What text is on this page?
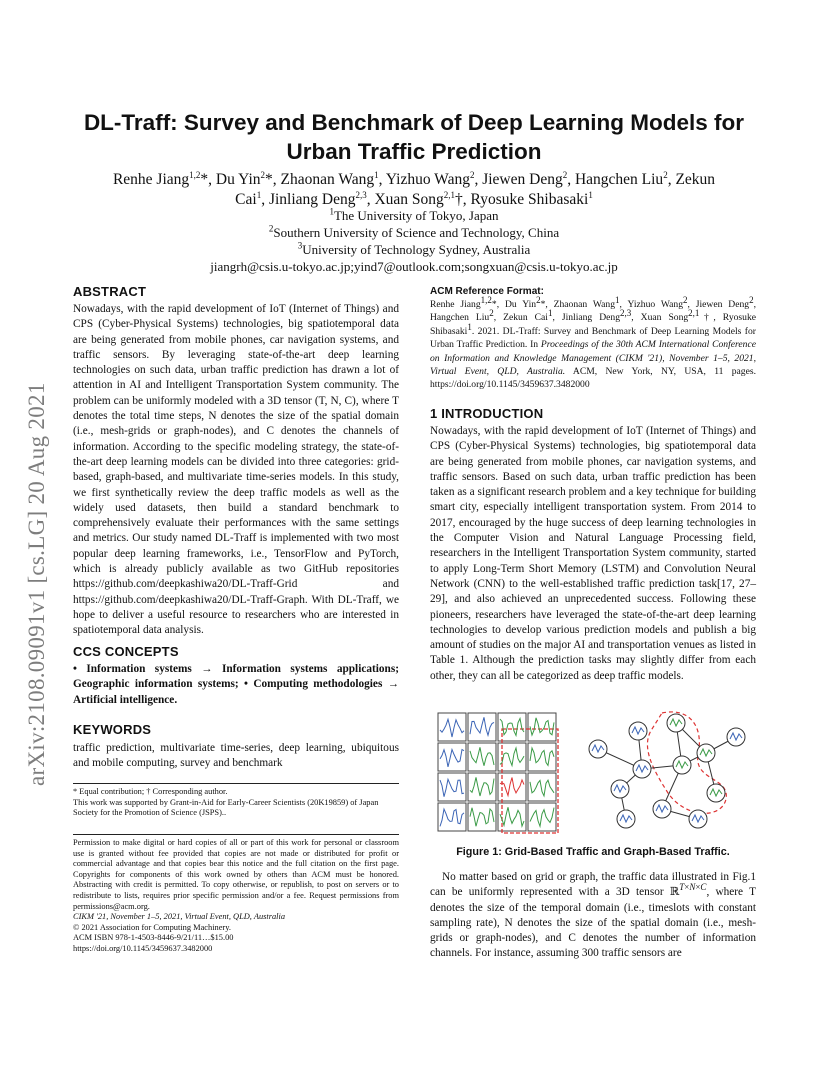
arXiv:2108.09091v1 [cs.LG] 20 Aug 2021
DL-Traff: Survey and Benchmark of Deep Learning Models for Urban Traffic Prediction
Renhe Jiang$^{1,2}$*, Du Yin$^2$*, Zhaonan Wang$^1$, Yizhuo Wang$^2$, Jiewen Deng$^2$, Hangchen Liu$^2$, Zekun
Cai$^1$, Jinliang Deng$^{2,3}$, Xuan Song$^{2,1}$†, Ryosuke Shibasaki$^1$
$^1$The University of Tokyo, Japan
$^2$Southern University of Science and Technology, China
$^3$University of Technology Sydney, Australia
jiangrh@csis.u-tokyo.ac.jp;yind7@outlook.com;songxuan@csis.u-tokyo.ac.jp
ABSTRACT

Nowadays, with the rapid development of IoT (Internet of Things) and CPS (Cyber-Physical Systems) technologies, big spatiotemporal data are being generated from mobile phones, car navigation systems, and traffic sensors. By leveraging state-of-the-art deep learning technologies on such data, urban traffic prediction has drawn a lot of attention in AI and Intelligent Transportation System community. The problem can be uniformly modeled with a 3D tensor (T, N, C), where T denotes the total time steps, N denotes the size of the spatial domain (i.e., mesh-grids or graph-nodes), and C denotes the channels of information. According to the specific modeling strategy, the state-of-the-art deep learning models can be divided into three categories: grid-based, graph-based, and multivariate time-series models. In this study, we first synthetically review the deep traffic models as well as the widely used datasets, then build a standard benchmark to comprehensively evaluate their performances with the same settings and metrics. Our study named DL-Traff is implemented with two most popular deep learning frameworks, i.e., TensorFlow and PyTorch, which is already publicly available as two GitHub repositories https://github.com/deepkashiwa20/DL-Traff-Grid and https://github.com/deepkashiwa20/DL-Traff-Graph. With DL-Traff, we hope to deliver a useful resource to researchers who are interested in spatiotemporal data analysis.

CCS CONCEPTS
• Information systems → Information systems applications; Geographic information systems; • Computing methodologies → Artificial intelligence.
KEYWORDS
traffic prediction, multivariate time-series, deep learning, ubiquitous and mobile computing, survey and benchmark
* Equal contribution; † Corresponding author.
This work was supported by Grant-in-Aid for Early-Career Scientists (20K19859) of Japan Society for the Promotion of Science (JSPS)..
Permission to make digital or hard copies of all or part of this work for personal or classroom use is granted without fee provided that copies are not made or distributed for profit or commercial advantage and that copies bear this notice and the full citation on the first page. Copyrights for components of this work owned by others than ACM must be honored. Abstracting with credit is permitted. To copy otherwise, or republish, to post on servers or to redistribute to lists, requires prior specific permission and/or a fee. Request permissions from permissions@acm.org.
CIKM '21, November 1–5, 2021, Virtual Event, QLD, Australia
© 2021 Association for Computing Machinery.
ACM ISBN 978-1-4503-8446-9/21/11…$15.00
https://doi.org/10.1145/3459637.3482000
ACM Reference Format:
Renhe Jiang$^{1,2}$*, Du Yin$^2$*, Zhaonan Wang$^1$, Yizhuo Wang$^2$, Jiewen Deng$^2$, Hangchen Liu$^2$, Zekun Cai$^1$, Jinliang Deng$^{2,3}$, Xuan Song$^{2,1}$†, Ryosuke Shibasaki$^1$. 2021. DL-Traff: Survey and Benchmark of Deep Learning Models for Urban Traffic Prediction. In Proceedings of the 30th ACM International Conference on Information and Knowledge Management (CIKM '21), November 1–5, 2021, Virtual Event, QLD, Australia. ACM, New York, NY, USA, 11 pages. https://doi.org/10.1145/3459637.3482000
1 INTRODUCTION
Nowadays, with the rapid development of IoT (Internet of Things) and CPS (Cyber-Physical Systems) technologies, big spatiotemporal data are being generated from mobile phones, car navigation systems, and traffic sensors. Based on such data, urban traffic prediction has been taken as a significant research problem and a key technique for building smart city, especially intelligent transportation system. From 2014 to 2017, encouraged by the huge success of deep learning technologies in the Computer Vision and Natural Language Processing field, researchers in the Intelligent Transportation System community, started to apply Long-Term Short Memory (LSTM) and Convolution Neural Network (CNN) to the well-established traffic prediction task[17, 27–29], and also achieved an unprecedented success. Following these pioneers, researchers have leveraged the state-of-the-art deep learning technologies to develop various prediction models and publish a big amount of studies on the major AI and transportation venues as listed in Table 1. Although the prediction tasks may slightly differ from each other, they can all be categorized as deep traffic models.
Figure 1: Grid-Based Traffic and Graph-Based Traffic.

No matter based on grid or graph, the traffic data illustrated in Fig.1 can be uniformly represented with a 3D tensor ℝ$^{T\times N\times C}$, where T denotes the size of the temporal domain (i.e., timeslots with constant sampling rate), N denotes the size of the spatial domain (i.e., mesh-grids or graph-nodes), and C denotes the number of information channels. For instance, assuming 300 traffic sensors are
